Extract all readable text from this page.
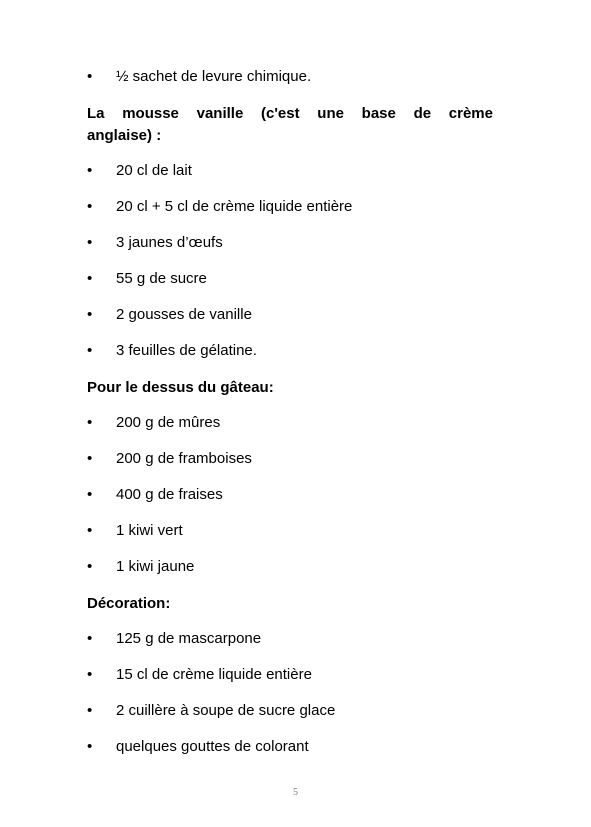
•	½ sachet de levure chimique.
La mousse vanille (c'est une base de crème
anglaise) :
•	20 cl de lait
•	20 cl + 5 cl de crème liquide entière
•	3 jaunes d’œufs
•	55 g de sucre
•	2 gousses de vanille
•	3 feuilles de gélatine.
Pour le dessus du gâteau:
•	200 g de mûres
•	200 g de framboises
•	400 g de fraises
•	1 kiwi vert
•	1 kiwi jaune
Décoration:
•	125 g de mascarpone
•	15 cl de crème liquide entière
•	2 cuillère à soupe de sucre glace
•	quelques gouttes de colorant
5
